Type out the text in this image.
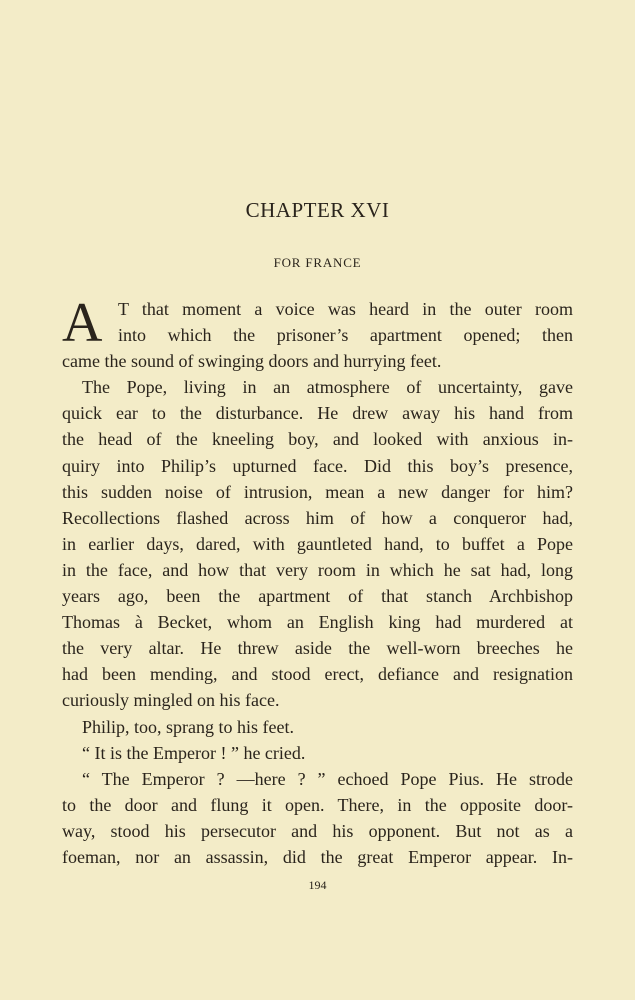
CHAPTER XVI
FOR FRANCE
A T that moment a voice was heard in the outer room
into which the prisoner’s apartment opened; then
came the sound of swinging doors and hurrying feet.
The Pope, living in an atmosphere of uncertainty, gave
quick ear to the disturbance. He drew away his hand from
the head of the kneeling boy, and looked with anxious in-
quiry into Philip’s upturned face. Did this boy’s presence,
this sudden noise of intrusion, mean a new danger for him?
Recollections flashed across him of how a conqueror had,
in earlier days, dared, with gauntleted hand, to buffet a Pope
in the face, and how that very room in which he sat had, long
years ago, been the apartment of that stanch Archbishop
Thomas à Becket, whom an English king had murdered at
the very altar. He threw aside the well-worn breeches he
had been mending, and stood erect, defiance and resignation
curiously mingled on his face.
Philip, too, sprang to his feet.
“ It is the Emperor ! ” he cried.
“ The Emperor ? —here ? ” echoed Pope Pius. He strode
to the door and flung it open. There, in the opposite door-
way, stood his persecutor and his opponent. But not as a
foeman, nor an assassin, did the great Emperor appear. In-
194
